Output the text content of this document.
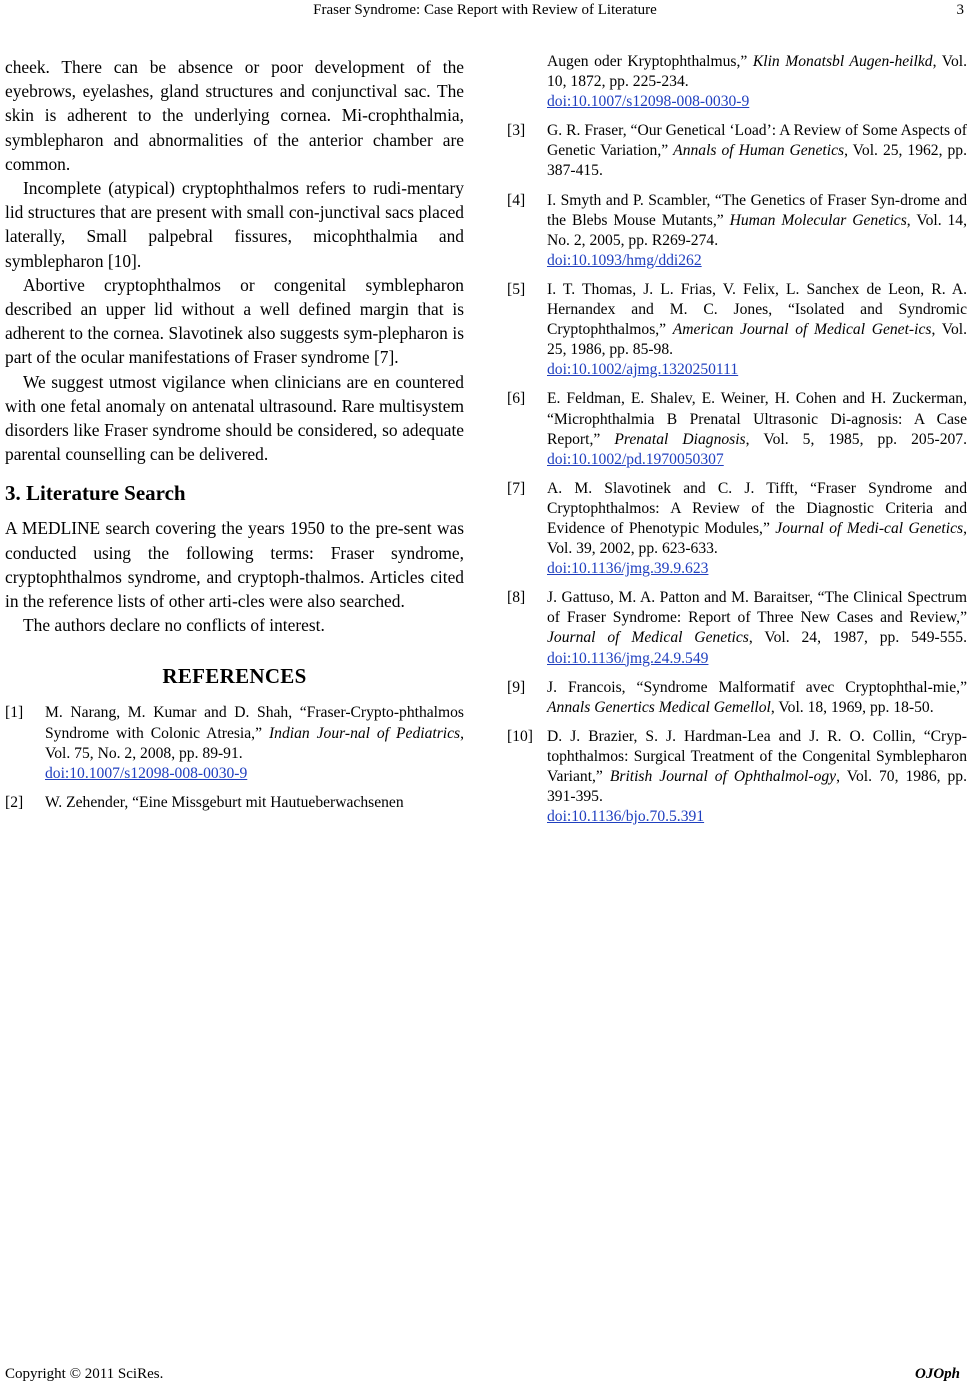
Fraser Syndrome: Case Report with Review of Literature	3

cheek. There can be absence or poor development of the eyebrows, eyelashes, gland structures and conjunctival sac. The skin is adherent to the underlying cornea. Mi-crophthalmia, symblepharon and abnormalities of the anterior chamber are common.

Incomplete (atypical) cryptophthalmos refers to rudi-mentary lid structures that are present with small con-junctival sacs placed laterally, Small palpebral fissures, micophthalmia and symblepharon [10].

Abortive cryptophthalmos or congenital symblepharon described an upper lid without a well defined margin that is adherent to the cornea. Slavotinek also suggests sym-plepharon is part of the ocular manifestations of Fraser syndrome [7].

We suggest utmost vigilance when clinicians are en countered with one fetal anomaly on antenatal ultrasound. Rare multisystem disorders like Fraser syndrome should be considered, so adequate parental counselling can be delivered.

3. Literature Search

A MEDLINE search covering the years 1950 to the pre-sent was conducted using the following terms: Fraser syndrome, cryptophthalmos syndrome, and cryptoph-thalmos. Articles cited in the reference lists of other arti-cles were also searched.

The authors declare no conflicts of interest.

REFERENCES
[1]	M. Narang, M. Kumar and D. Shah, “Fraser-Crypto-phthalmos Syndrome with Colonic Atresia,” Indian Jour-nal of Pediatrics, Vol. 75, No. 2, 2008, pp. 89-91.
doi:10.1007/s12098-008-0030-9
[2]	W. Zehender, “Eine Missgeburt mit Hautueberwachsenen
Augen oder Kryptophthalmus,” Klin Monatsbl Augen-heilkd, Vol. 10, 1872, pp. 225-234.
doi:10.1007/s12098-008-0030-9
[3]	G. R. Fraser, “Our Genetical ‘Load’: A Review of Some Aspects of Genetic Variation,” Annals of Human Genetics, Vol. 25, 1962, pp. 387-415.
[4]	I. Smyth and P. Scambler, “The Genetics of Fraser Syn-drome and the Blebs Mouse Mutants,” Human Molecular Genetics, Vol. 14, No. 2, 2005, pp. R269-274.
doi:10.1093/hmg/ddi262
[5]	I. T. Thomas, J. L. Frias, V. Felix, L. Sanchex de Leon, R. A. Hernandex and M. C. Jones, “Isolated and Syndromic Cryptophthalmos,” American Journal of Medical Genet-ics, Vol. 25, 1986, pp. 85-98.
doi:10.1002/ajmg.1320250111
[6]	E. Feldman, E. Shalev, E. Weiner, H. Cohen and H. Zuckerman, “Microphthalmia B Prenatal Ultrasonic Di-agnosis: A Case Report,” Prenatal Diagnosis, Vol. 5, 1985, pp. 205-207. doi:10.1002/pd.1970050307
[7]	A. M. Slavotinek and C. J. Tifft, “Fraser Syndrome and Cryptophthalmos: A Review of the Diagnostic Criteria and Evidence of Phenotypic Modules,” Journal of Medi-cal Genetics, Vol. 39, 2002, pp. 623-633.
doi:10.1136/jmg.39.9.623
[8]	J. Gattuso, M. A. Patton and M. Baraitser, “The Clinical Spectrum of Fraser Syndrome: Report of Three New Cases and Review,” Journal of Medical Genetics, Vol. 24, 1987, pp. 549-555. doi:10.1136/jmg.24.9.549
[9]	J. Francois, “Syndrome Malformatif avec Cryptophthal-mie,” Annals Genertics Medical Gemellol, Vol. 18, 1969, pp. 18-50.
[10] D. J. Brazier, S. J. Hardman-Lea and J. R. O. Collin, “Cryp- tophthalmos: Surgical Treatment of the Congenital Symblepharon Variant,” British Journal of Ophthalmol-ogy, Vol. 70, 1986, pp. 391-395.
doi:10.1136/bjo.70.5.391
Copyright © 2011 SciRes.	OJOph
